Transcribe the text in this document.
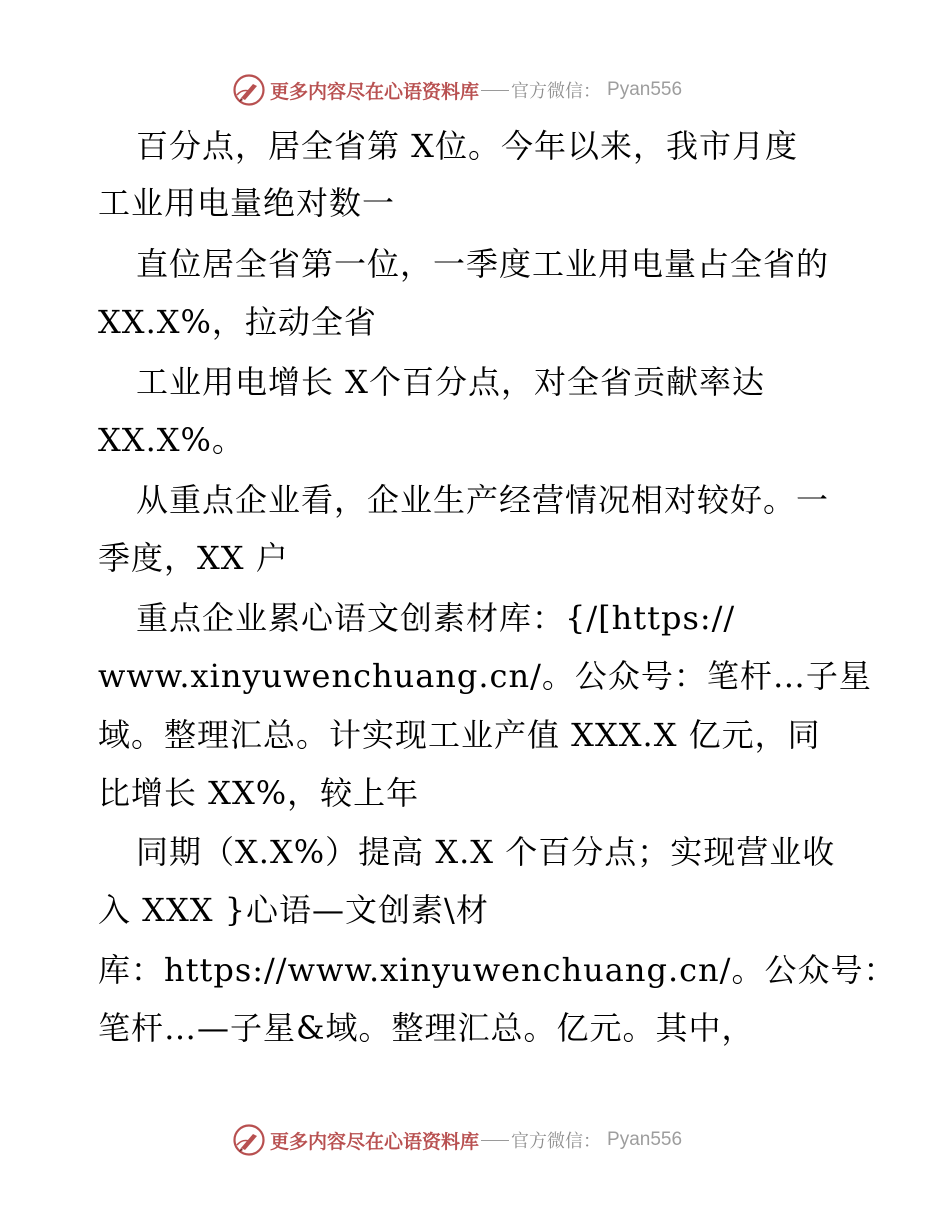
更多内容尽在心语资料库 官方微信： Pyan556
百分点，居全省第 X位。今年以来，我市月度
工业用电量绝对数一
直位居全省第一位，一季度工业用电量占全省的
XX.X%，拉动全省
工业用电增长 X个百分点，对全省贡献率达
XX.X%。
从重点企业看，企业生产经营情况相对较好。一
季度，XX 户
重点企业累心语文创素材库：{/[https://
www.xinyuwenchuang.cn/。公众号：笔杆…子星
域。整理汇总。计实现工业产值 XXX.X 亿元，同
比增长 XX%，较上年
同期（X.X%）提高 X.X 个百分点；实现营业收
入 XXX }心语—文创素\材
库：https://www.xinyuwenchuang.cn/。公众号：
笔杆…—子星&域。整理汇总。亿元。其中，
更多内容尽在心语资料库 官方微信： Pyan556
